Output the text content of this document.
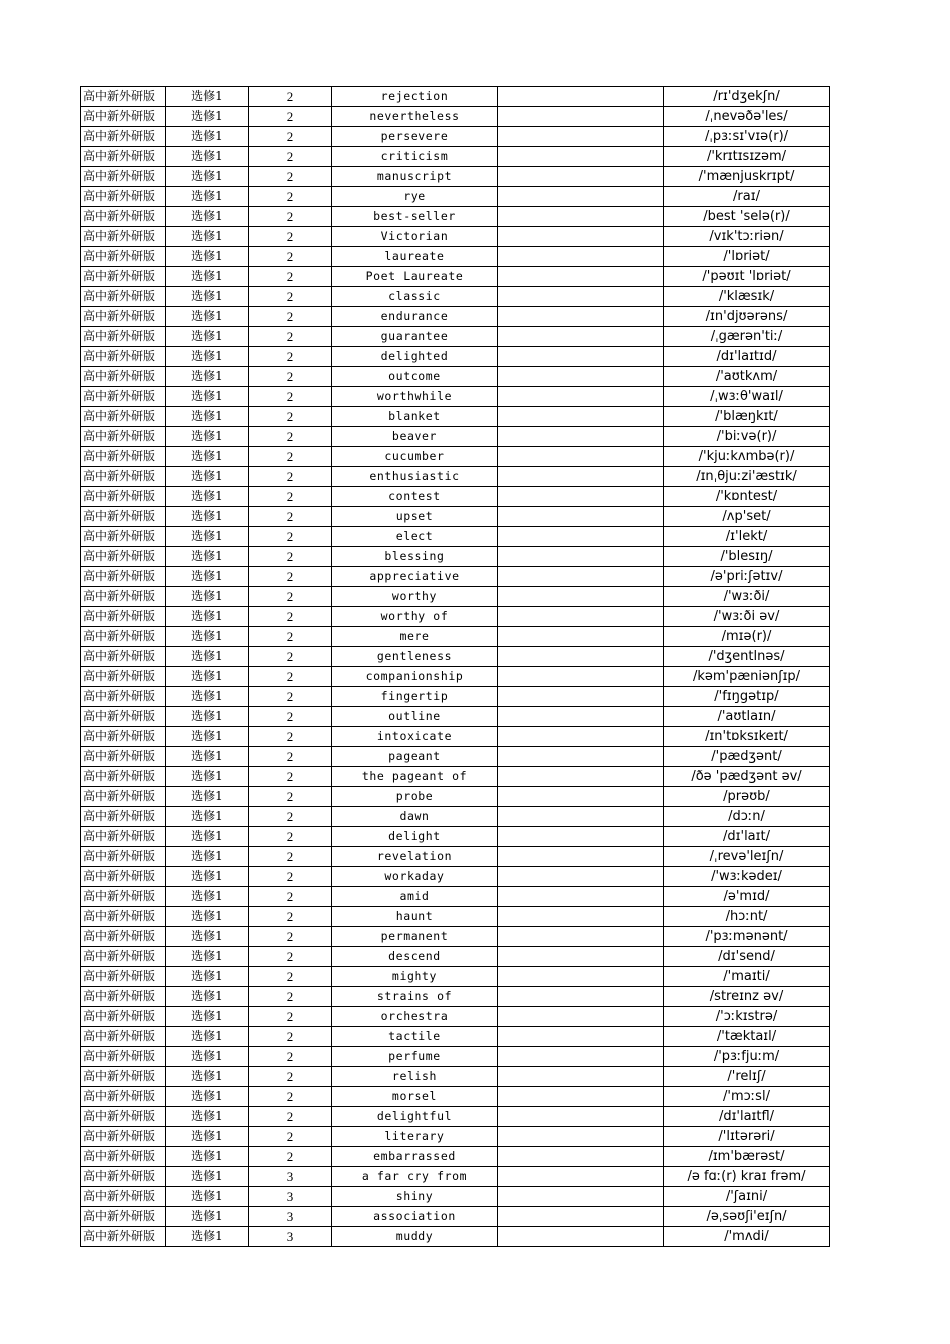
高中新外研版	选修1	2	rejection		/rɪ'dʒekʃn/
高中新外研版	选修1	2	nevertheless		/ˌnevəðə'les/
高中新外研版	选修1	2	persevere		/ˌpɜːsɪ'vɪə(r)/
高中新外研版	选修1	2	criticism		/'krɪtɪsɪzəm/
高中新外研版	选修1	2	manuscript		/'mænjuskrɪpt/
高中新外研版	选修1	2	rye		/raɪ/
高中新外研版	选修1	2	best-seller		/best 'selə(r)/
高中新外研版	选修1	2	Victorian		/vɪk'tɔːriən/
高中新外研版	选修1	2	laureate		/'lɒriət/
高中新外研版	选修1	2	Poet Laureate		/'pəʊɪt 'lɒriət/
高中新外研版	选修1	2	classic		/'klæsɪk/
高中新外研版	选修1	2	endurance		/ɪn'djʊərəns/
高中新外研版	选修1	2	guarantee		/ˌgærən'tiː/
高中新外研版	选修1	2	delighted		/dɪ'laɪtɪd/
高中新外研版	选修1	2	outcome		/'aʊtkʌm/
高中新外研版	选修1	2	worthwhile		/ˌwɜːθ'waɪl/
高中新外研版	选修1	2	blanket		/'blæŋkɪt/
高中新外研版	选修1	2	beaver		/'biːvə(r)/
高中新外研版	选修1	2	cucumber		/'kjuːkʌmbə(r)/
高中新外研版	选修1	2	enthusiastic		/ɪnˌθjuːzi'æstɪk/
高中新外研版	选修1	2	contest		/'kɒntest/
高中新外研版	选修1	2	upset		/ʌp'set/
高中新外研版	选修1	2	elect		/ɪ'lekt/
高中新外研版	选修1	2	blessing		/'blesɪŋ/
高中新外研版	选修1	2	appreciative		/ə'priːʃətɪv/
高中新外研版	选修1	2	worthy		/'wɜːði/
高中新外研版	选修1	2	worthy of		/'wɜːði əv/
高中新外研版	选修1	2	mere		/mɪə(r)/
高中新外研版	选修1	2	gentleness		/'dʒentlnəs/
高中新外研版	选修1	2	companionship		/kəm'pæniənʃɪp/
高中新外研版	选修1	2	fingertip		/'fɪŋgətɪp/
高中新外研版	选修1	2	outline		/'aʊtlaɪn/
高中新外研版	选修1	2	intoxicate		/ɪn'tɒksɪkeɪt/
高中新外研版	选修1	2	pageant		/'pædʒənt/
高中新外研版	选修1	2	the pageant of		/ðə 'pædʒənt əv/
高中新外研版	选修1	2	probe		/prəʊb/
高中新外研版	选修1	2	dawn		/dɔːn/
高中新外研版	选修1	2	delight		/dɪ'laɪt/
高中新外研版	选修1	2	revelation		/ˌrevə'leɪʃn/
高中新外研版	选修1	2	workaday		/'wɜːkədeɪ/
高中新外研版	选修1	2	amid		/ə'mɪd/
高中新外研版	选修1	2	haunt		/hɔːnt/
高中新外研版	选修1	2	permanent		/'pɜːmənənt/
高中新外研版	选修1	2	descend		/dɪ'send/
高中新外研版	选修1	2	mighty		/'maɪti/
高中新外研版	选修1	2	strains of		/streɪnz əv/
高中新外研版	选修1	2	orchestra		/'ɔːkɪstrə/
高中新外研版	选修1	2	tactile		/'tæktaɪl/
高中新外研版	选修1	2	perfume		/'pɜːfjuːm/
高中新外研版	选修1	2	relish		/'relɪʃ/
高中新外研版	选修1	2	morsel		/'mɔːsl/
高中新外研版	选修1	2	delightful		/dɪ'laɪtfl/
高中新外研版	选修1	2	literary		/'lɪtərəri/
高中新外研版	选修1	2	embarrassed		/ɪm'bærəst/
高中新外研版	选修1	3	a far cry from		/ə fɑː(r) kraɪ frəm/
高中新外研版	选修1	3	shiny		/'ʃaɪni/
高中新外研版	选修1	3	association		/əˌsəʊʃi'eɪʃn/
高中新外研版	选修1	3	muddy		/'mʌdi/
